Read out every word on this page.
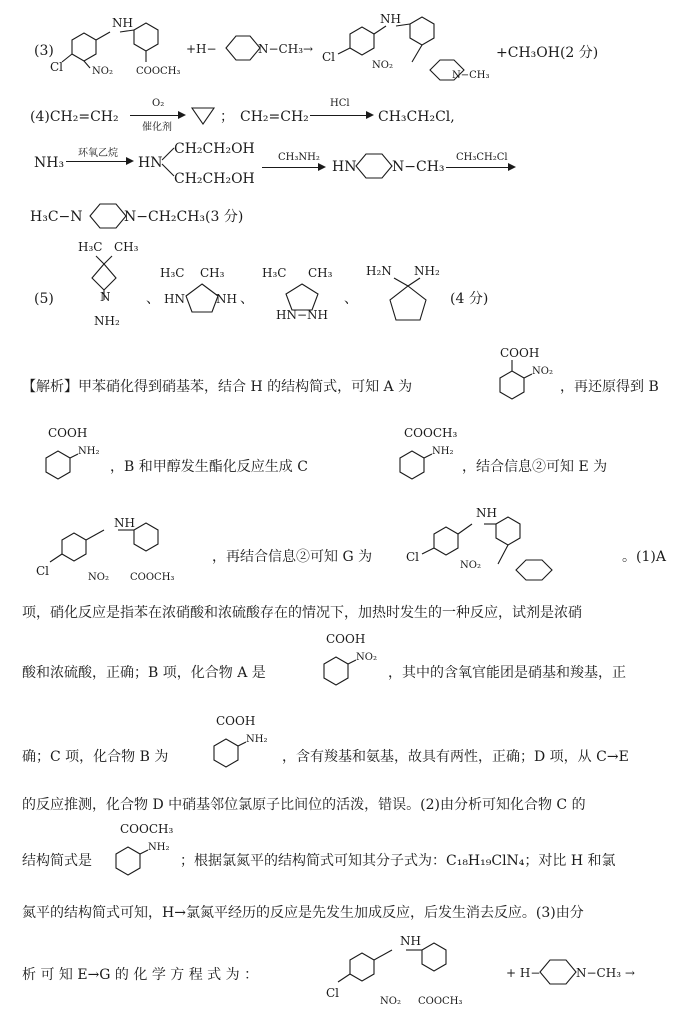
(3)
NH
Cl	NO₂ COOCH₃
+H−	N−CH₃→
NH
Cl
NO₂
N−CH₃
+CH₃OH(2 分)
(4)CH₂=CH₂
O₂
催化剂
； CH₂=CH₂
HCl
CH₃CH₂Cl,
NH₃
环氧乙烷
HN
CH₂CH₂OH
CH₂CH₂OH
CH₃NH₂
HN	N−CH₃
CH₃CH₂Cl
H₃C−N	N−CH₂CH₃(3 分)
(5)
H₃C CH₃
N
NH₂
、
H₃C CH₃
HN	NH 、
H₃C CH₃
HN−NH
、
H₂N NH₂
(4 分)
【解析】甲苯硝化得到硝基苯，结合 H 的结构简式，可知 A 为
COOH
NO₂
，再还原得到 B
COOH
NH₂
，B 和甲醇发生酯化反应生成 C
COOCH₃
NH₂
，结合信息②可知 E 为
NH
Cl	NO₂ COOCH₃
，再结合信息②可知 G 为
NH
Cl
NO₂
。(1)A
项，硝化反应是指苯在浓硝酸和浓硫酸存在的情况下，加热时发生的一种反应，试剂是浓硝
酸和浓硫酸，正确；B 项，化合物 A 是
COOH
NO₂
，其中的含氧官能团是硝基和羧基，正
确；C 项，化合物 B 为
COOH
NH₂
，含有羧基和氨基，故具有两性，正确；D 项，从 C→E
的反应推测，化合物 D 中硝基邻位氯原子比间位的活泼，错误。(2)由分析可知化合物 C 的
结构简式是
COOCH₃
NH₂
；根据氯氮平的结构简式可知其分子式为：C₁₈H₁₉ClN₄；对比 H 和氯
氮平的结构简式可知，H→氯氮平经历的反应是先发生加成反应，后发生消去反应。(3)由分
析 可 知 E→G 的 化 学 方 程 式 为 ：
NH
Cl
NO₂ COOCH₃
+ H−	N−CH₃ →
